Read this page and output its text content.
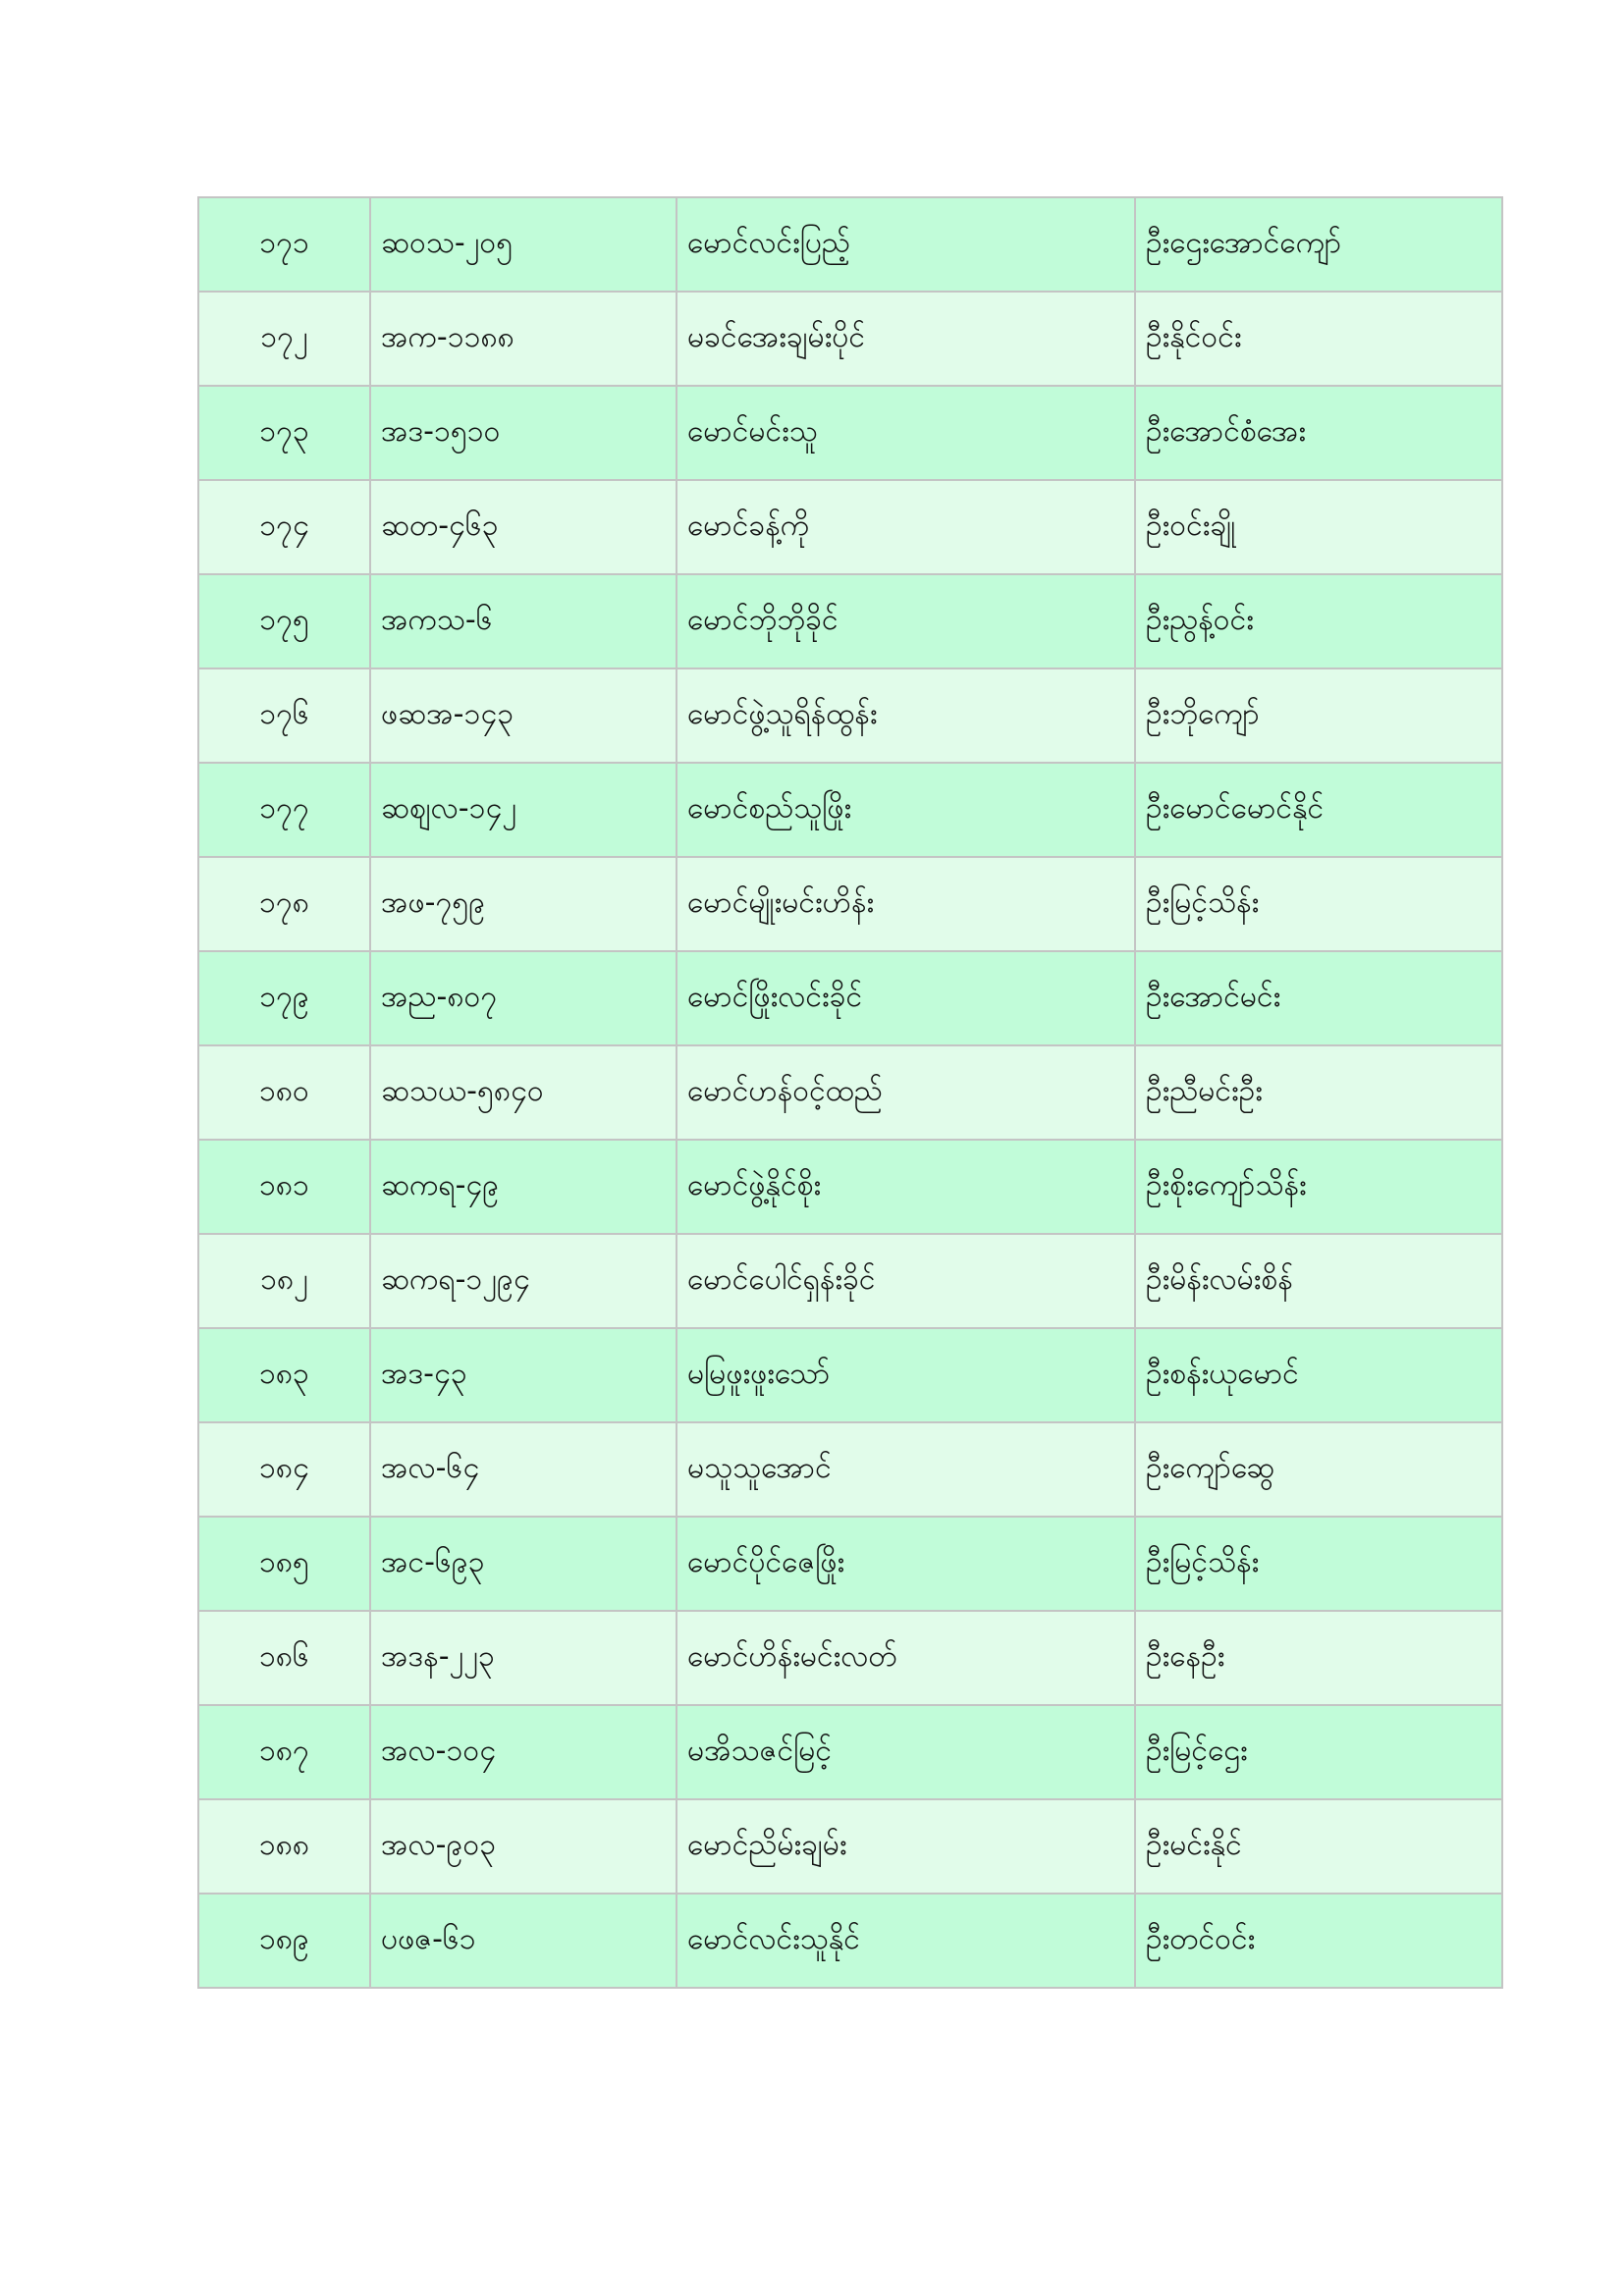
၁၇၁	ဆဝသ-၂၀၅	မောင်လင်းပြည့်	ဦးဌေးအောင်ကျော်
၁၇၂	အက-၁၁၈၈	မခင်အေးချမ်းပိုင်	ဦးနိုင်ဝင်း
၁၇၃	အဒ-၁၅၁၀	မောင်မင်းသူ	ဦးအောင်စံအေး
၁၇၄	ဆတ-၄၆၃	မောင်ခန့်ကို	ဦးဝင်းချို
၁၇၅	အကသ-၆	မောင်ဘိုဘိုခိုင်	ဦးညွန့်ဝင်း
၁၇၆	ဖဆအ-၁၄၃	မောင်ဖွဲ့သူရိန်ထွန်း	ဦးဘိုကျော်
၁၇၇	ဆစျလ-၁၄၂	မောင်စည်သူဖြိုး	ဦးမောင်မောင်နိုင်
၁၇၈	အဖ-၇၅၉	မောင်မျိုးမင်းဟိန်း	ဦးမြင့်သိန်း
၁၇၉	အည-၈၀၇	မောင်ဖြိုးလင်းခိုင်	ဦးအောင်မင်း
၁၈၀	ဆသယ-၅၈၄၀	မောင်ဟန်ဝင့်ထည်	ဦးညီမင်းဦး
၁၈၁	ဆကရ-၄၉	မောင်ဖွဲ့နိုင်စိုး	ဦးစိုးကျော်သိန်း
၁၈၂	ဆကရ-၁၂၉၄	မောင်ပေါင်ရှန်းခိုင်	ဦးမိန်းလမ်းစိန်
၁၈၃	အဒ-၄၃	မမြဖူးဖူးသော်	ဦးစန်းယုမောင်
၁၈၄	အလ-၆၄	မသူသူအောင်	ဦးကျော်ဆွေ
၁၈၅	အင-၆၉၃	မောင်ပိုင်ဇေဖြိုး	ဦးမြင့်သိန်း
၁၈၆	အဒန-၂၂၃	မောင်ဟိန်းမင်းလတ်	ဦးနေဦး
၁၈၇	အလ-၁၀၄	မအိသဇင်မြင့်	ဦးမြင့်ဌေး
၁၈၈	အလ-၉၀၃	မောင်ညိမ်းချမ်း	ဦးမင်းနိုင်
၁၈၉	ပဖဇ-၆၁	မောင်လင်းသူနိုင်	ဦးတင်ဝင်း
